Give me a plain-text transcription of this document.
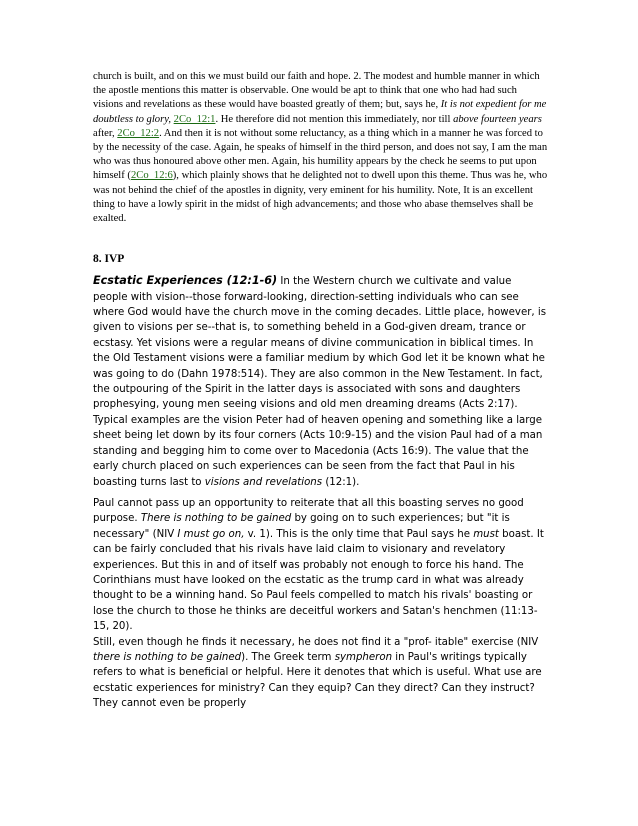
church is built, and on this we must build our faith and hope. 2. The modest and humble manner in which the apostle mentions this matter is observable. One would be apt to think that one who had had such visions and revelations as these would have boasted greatly of them; but, says he, It is not expedient for me doubtless to glory, 2Co_12:1. He therefore did not mention this immediately, nor till above fourteen years after, 2Co_12:2. And then it is not without some reluctancy, as a thing which in a manner he was forced to by the necessity of the case. Again, he speaks of himself in the third person, and does not say, I am the man who was thus honoured above other men. Again, his humility appears by the check he seems to put upon himself (2Co_12:6), which plainly shows that he delighted not to dwell upon this theme. Thus was he, who was not behind the chief of the apostles in dignity, very eminent for his humility. Note, It is an excellent thing to have a lowly spirit in the midst of high advancements; and those who abase themselves shall be exalted.

8. IVP

Ecstatic Experiences (12:1-6) In the Western church we cultivate and value people with vision--those forward-looking, direction-setting individuals who can see where God would have the church move in the coming decades. Little place, however, is given to visions per se--that is, to something beheld in a God-given dream, trance or ecstasy. Yet visions were a regular means of divine communication in biblical times. In the Old Testament visions were a familiar medium by which God let it be known what he was going to do (Dahn 1978:514). They are also common in the New Testament. In fact, the outpouring of the Spirit in the latter days is associated with sons and daughters prophesying, young men seeing visions and old men dreaming dreams (Acts 2:17). Typical examples are the vision Peter had of heaven opening and something like a large sheet being let down by its four corners (Acts 10:9-15) and the vision Paul had of a man standing and begging him to come over to Macedonia (Acts 16:9). The value that the early church placed on such experiences can be seen from the fact that Paul in his boasting turns last to visions and revelations (12:1).

Paul cannot pass up an opportunity to reiterate that all this boasting serves no good purpose. There is nothing to be gained by going on to such experiences; but "it is necessary" (NIV I must go on, v. 1). This is the only time that Paul says he must boast. It can be fairly concluded that his rivals have laid claim to visionary and revelatory experiences. But this in and of itself was probably not enough to force his hand. The Corinthians must have looked on the ecstatic as the trump card in what was already thought to be a winning hand. So Paul feels compelled to match his rivals' boasting or lose the church to those he thinks are deceitful workers and Satan's henchmen (11:13-15, 20).

Still, even though he finds it necessary, he does not find it a "prof- itable" exercise (NIV there is nothing to be gained). The Greek term sympheron in Paul's writings typically refers to what is beneficial or helpful. Here it denotes that which is useful. What use are ecstatic experiences for ministry? Can they equip? Can they direct? Can they instruct? They cannot even be properly
